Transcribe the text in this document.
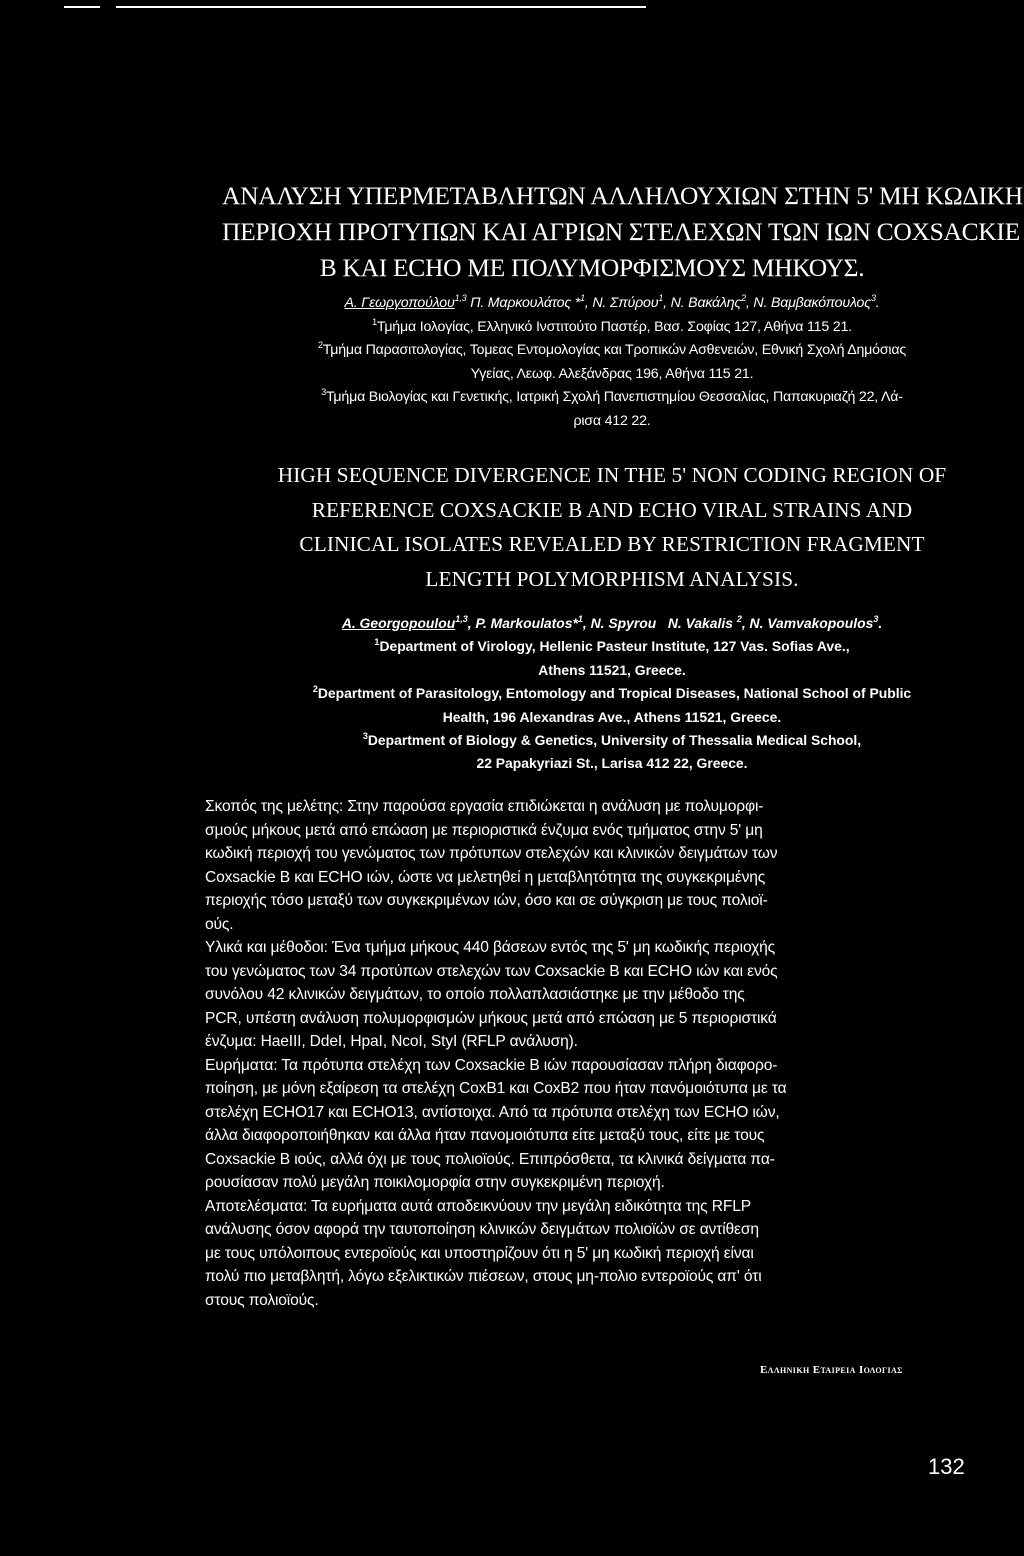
ΑΝΑΛΥΣΗ ΥΠΕΡΜΕΤΑΒΛΗΤΩΝ ΑΛΛΗΛΟΥΧΙΩΝ ΣΤΗΝ 5' ΜΗ ΚΩΔΙΚΗ
ΠΕΡΙΟΧΗ ΠΡΟΤΥΠΩΝ ΚΑΙ ΑΓΡΙΩΝ ΣΤΕΛΕΧΩΝ ΤΩΝ ΙΩΝ COXSACKIE
Β ΚΑΙ ECHO ΜΕ ΠΟΛΥΜΟΡΦΙΣΜΟΥΣ ΜΗΚΟΥΣ.
Α. Γεωργοπούλου$^{1,3}$ Π. Μαρκουλάτος *$^1$, Ν. Σπύρου$^1$, Ν. Βακάλης$^2$, Ν. Βαμβακόπουλος$^3$.
$^1$Τμήμα Ιολογίας, Ελληνικό Ινστιτούτο Παστέρ, Βασ. Σοφίας 127, Αθήνα 115 21.
$^2$Τμήμα Παρασιτολογίας, Τομεας Εντομολογίας και Τροπικών Ασθενειών, Εθνική Σχολή Δημόσιας
Υγείας, Λεωφ. Αλεξάνδρας 196, Αθήνα 115 21.
$^3$Τμήμα Βιολογίας και Γενετικής, Ιατρική Σχολή Πανεπιστημίου Θεσσαλίας, Παπακυριαζή 22, Λά-
ρισα 412 22.
HIGH SEQUENCE DIVERGENCE IN THE 5' NON CODING REGION OF
REFERENCE COXSACKIE B AND ECHO VIRAL STRAINS AND
CLINICAL ISOLATES REVEALED BY RESTRICTION FRAGMENT
LENGTH POLYMORPHISM ANALYSIS.
A. Georgopoulou$^{1,3}$, P. Markoulatos*$^1$, N. Spyrou   N. Vakalis $^2$, N. Vamvakopoulos$^3$.
$^1$Department of Virology, Hellenic Pasteur Institute, 127 Vas. Sofias Ave.,
Athens 11521, Greece.
$^2$Department of Parasitology, Entomology and Tropical Diseases, National School of Public
Health, 196 Alexandras Ave., Athens 11521, Greece.
$^3$Department of Biology & Genetics, University of Thessalia Medical School,
22 Papakyriazi St., Larisa 412 22, Greece.
Σκοπός της μελέτης: Στην παρούσα εργασία επιδιώκεται η ανάλυση με πολυμορφι-
σμούς μήκους μετά από επώαση με περιοριστικά ένζυμα ενός τμήματος στην 5' μη
κωδική περιοχή του γενώματος των πρότυπων στελεχών και κλινικών δειγμάτων των
Coxsackie B και ECHO ιών, ώστε να μελετηθεί η μεταβλητότητα της συγκεκριμένης
περιοχής τόσο μεταξύ των συγκεκριμένων ιών, όσο και σε σύγκριση με τους πολιοϊ-
ούς.
Υλικά και μέθοδοι: Ένα τμήμα μήκους 440 βάσεων εντός της 5' μη κωδικής περιοχής
του γενώματος των 34 προτύπων στελεχών των Coxsackie B και ECHO ιών και ενός
συνόλου 42 κλινικών δειγμάτων, το οποίο πολλαπλασιάστηκε με την μέθοδο της
PCR, υπέστη ανάλυση πολυμορφισμών μήκους μετά από επώαση με 5 περιοριστικά
ένζυμα: HaeIII, DdeI, HpaI, NcoI, StyI (RFLP ανάλυση).
Ευρήματα: Τα πρότυπα στελέχη των Coxsackie B ιών παρουσίασαν πλήρη διαφορο-
ποίηση, με μόνη εξαίρεση τα στελέχη CoxB1 και CoxB2 που ήταν πανόμοιότυπα με τα
στελέχη ECHO17 και ECHO13, αντίστοιχα. Από τα πρότυπα στελέχη των ECHO ιών,
άλλα διαφοροποιήθηκαν και άλλα ήταν πανομοιότυπα είτε μεταξύ τους, είτε με τους
Coxsackie B ιούς, αλλά όχι με τους πολιοϊούς. Επιπρόσθετα, τα κλινικά δείγματα πα-
ρουσίασαν πολύ μεγάλη ποικιλομορφία στην συγκεκριμένη περιοχή.
Αποτελέσματα: Τα ευρήματα αυτά αποδεικνύουν την μεγάλη ειδικότητα της RFLP
ανάλυσης όσον αφορά την ταυτοποίηση κλινικών δειγμάτων πολιοϊών σε αντίθεση
με τους υπόλοιπους εντεροϊούς και υποστηρίζουν ότι η 5' μη κωδική περιοχή είναι
πολύ πιο μεταβλητή, λόγω εξελικτικών πιέσεων, στους μη-πολιο εντεροϊούς απ' ότι
στους πολιοϊούς.
Ελληνικη Εταιρεια Ιολογιας
132
